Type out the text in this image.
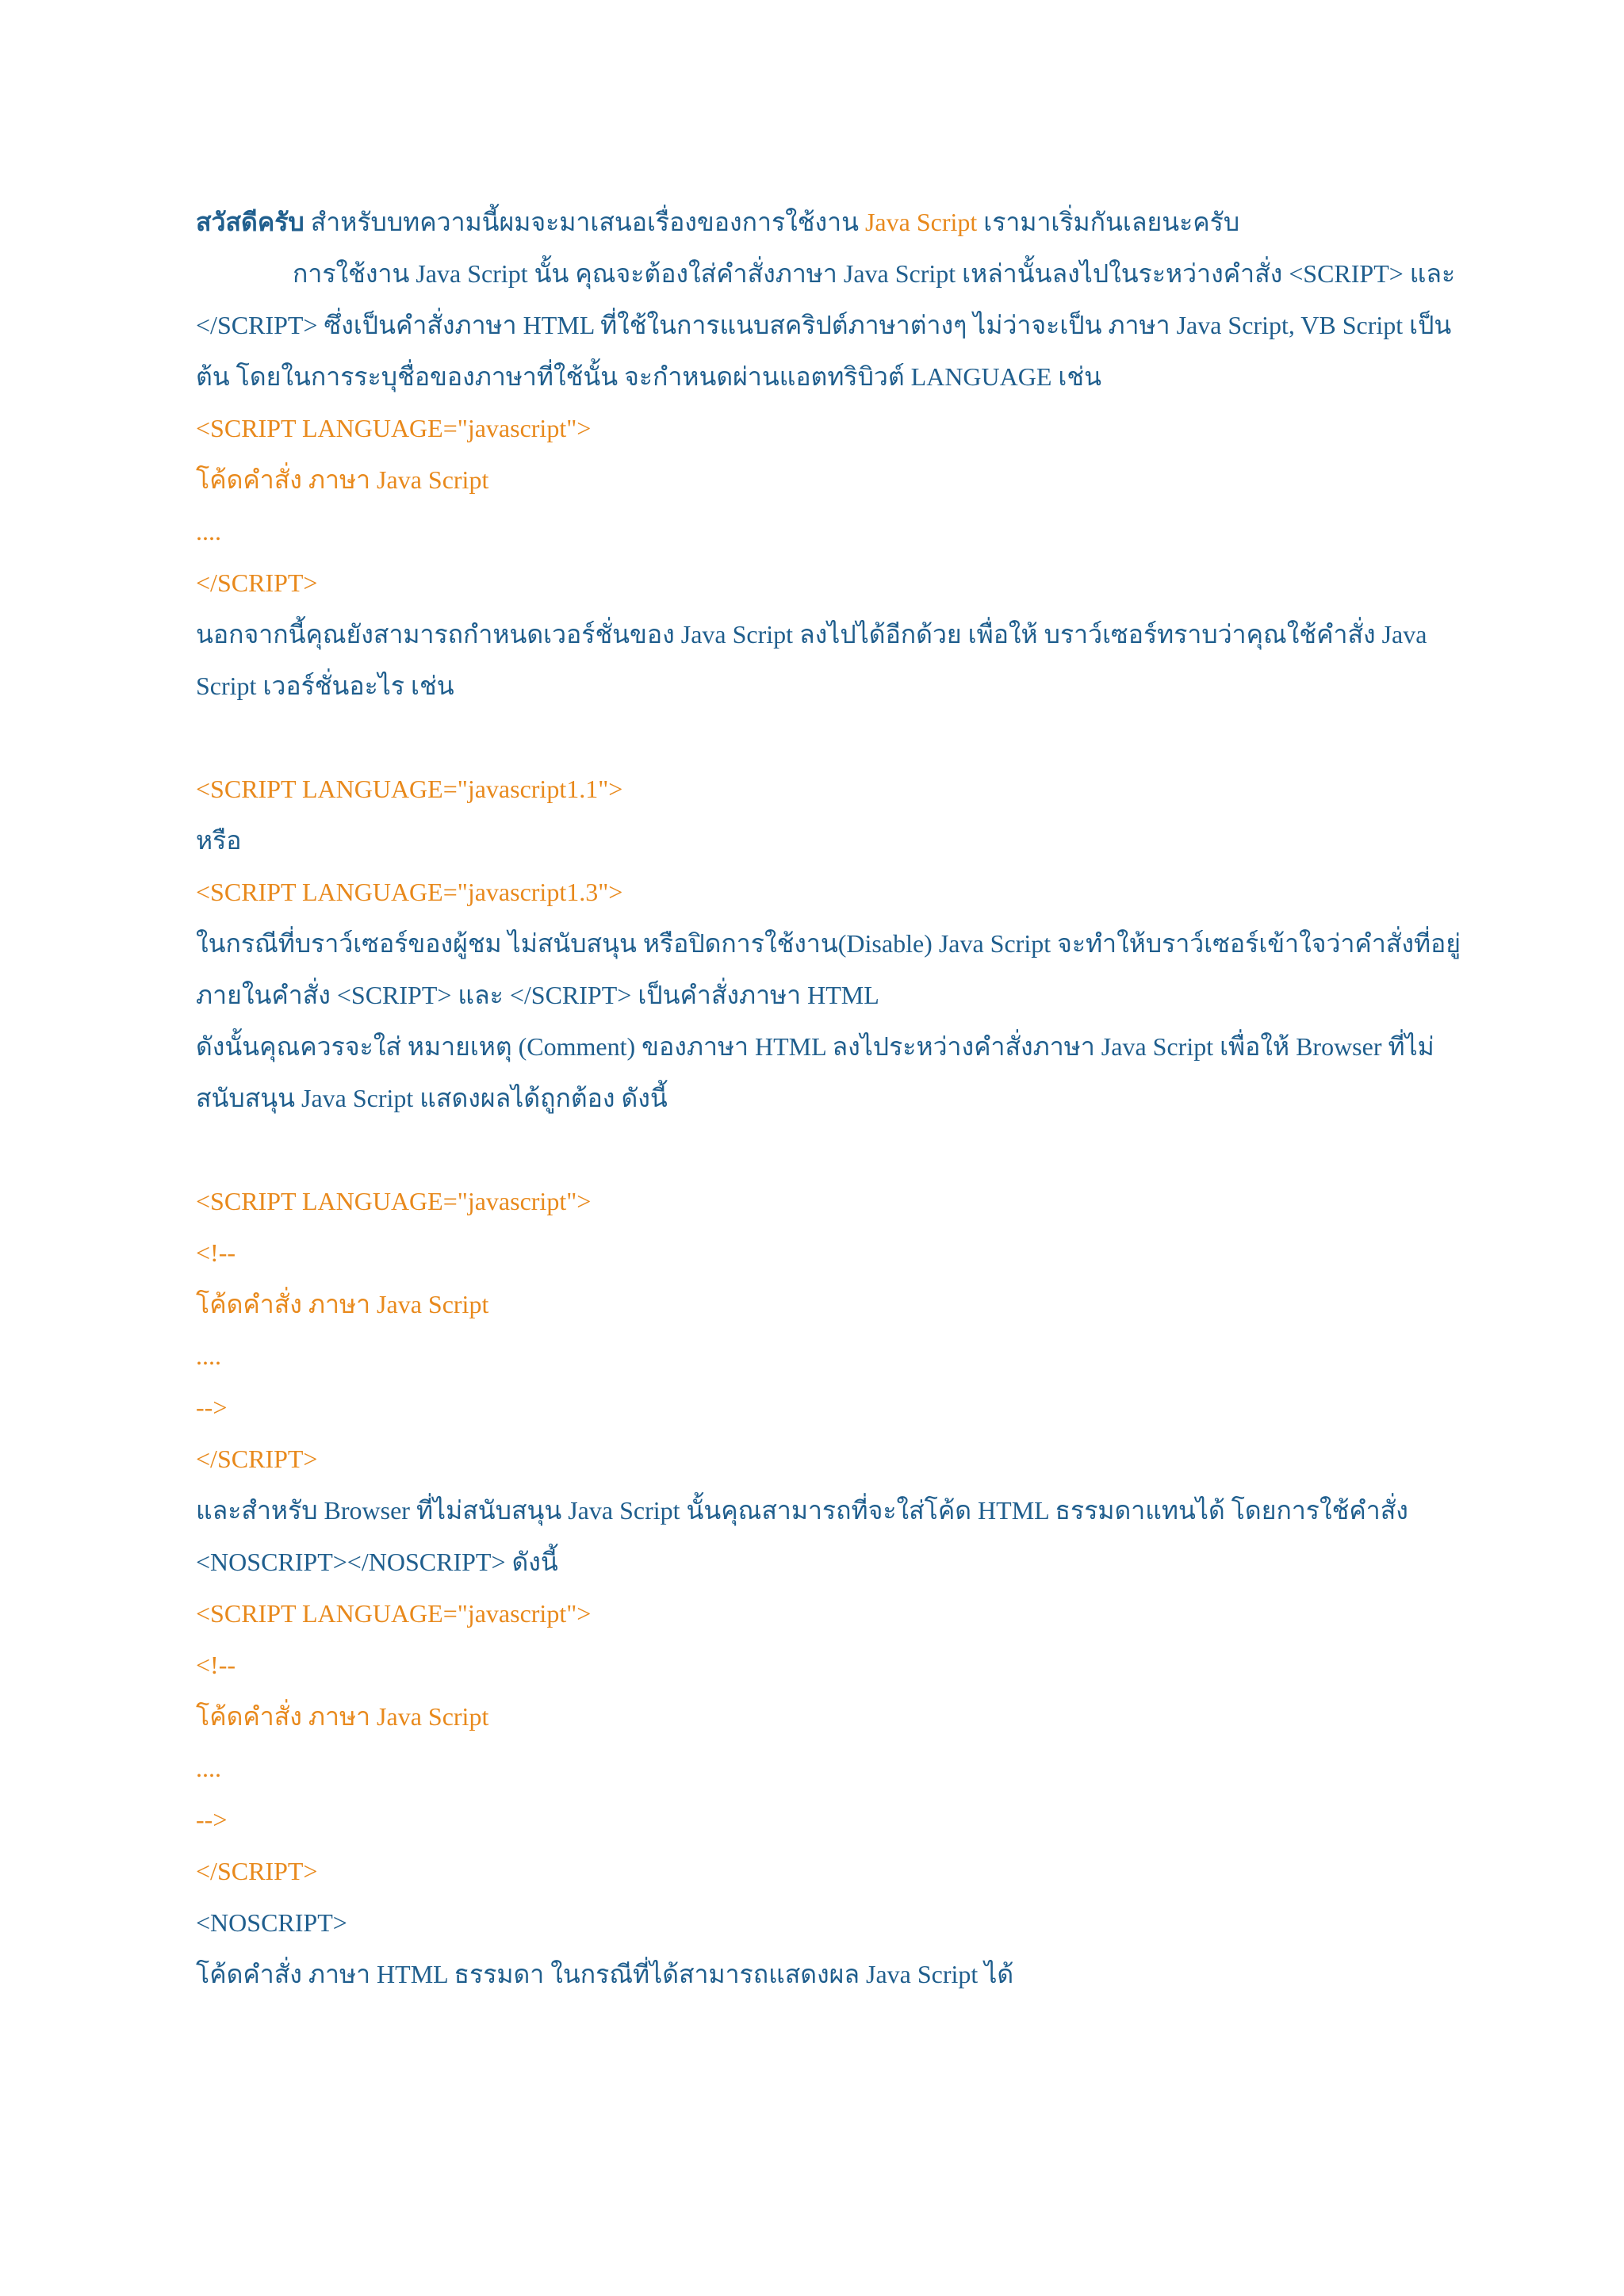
สวัสดีครับ สำหรับบทความนี้ผมจะมาเสนอเรื่องของการใช้งาน Java Script เรามาเริ่มกันเลยนะครับ
การใช้งาน Java Script นั้น คุณจะต้องใส่คำสั่งภาษา Java Script เหล่านั้นลงไปในระหว่างคำสั่ง <SCRIPT> และ
</SCRIPT> ซึ่งเป็นคำสั่งภาษา HTML ที่ใช้ในการแนบสคริปต์ภาษาต่างๆ ไม่ว่าจะเป็น ภาษา Java Script, VB Script เป็น
ต้น โดยในการระบุชื่อของภาษาที่ใช้นั้น จะกำหนดผ่านแอตทริบิวต์ LANGUAGE เช่น
<SCRIPT LANGUAGE="javascript">
โค้ดคำสั่ง ภาษา Java Script
....
</SCRIPT>
นอกจากนี้คุณยังสามารถกำหนดเวอร์ชั่นของ Java Script ลงไปได้อีกด้วย เพื่อให้ บราว์เซอร์ทราบว่าคุณใช้คำสั่ง Java
Script เวอร์ชั่นอะไร เช่น
<SCRIPT LANGUAGE="javascript1.1">
หรือ
<SCRIPT LANGUAGE="javascript1.3">
ในกรณีที่บราว์เซอร์ของผู้ชม ไม่สนับสนุน หรือปิดการใช้งาน(Disable) Java Script จะทำให้บราว์เซอร์เข้าใจว่าคำสั่งที่อยู่
ภายในคำสั่ง <SCRIPT> และ </SCRIPT> เป็นคำสั่งภาษา HTML
ดังนั้นคุณควรจะใส่ หมายเหตุ (Comment) ของภาษา HTML ลงไประหว่างคำสั่งภาษา Java Script เพื่อให้ Browser ที่ไม่
สนับสนุน Java Script แสดงผลได้ถูกต้อง ดังนี้
<SCRIPT LANGUAGE="javascript">
<!--
โค้ดคำสั่ง ภาษา Java Script
....
-->
</SCRIPT>
และสำหรับ Browser ที่ไม่สนับสนุน Java Script นั้นคุณสามารถที่จะใส่โค้ด HTML ธรรมดาแทนได้ โดยการใช้คำสั่ง
<NOSCRIPT></NOSCRIPT> ดังนี้
<SCRIPT LANGUAGE="javascript">
<!--
โค้ดคำสั่ง ภาษา Java Script
....
-->
</SCRIPT>
<NOSCRIPT>
โค้ดคำสั่ง ภาษา HTML ธรรมดา ในกรณีที่ได้สามารถแสดงผล Java Script ได้
